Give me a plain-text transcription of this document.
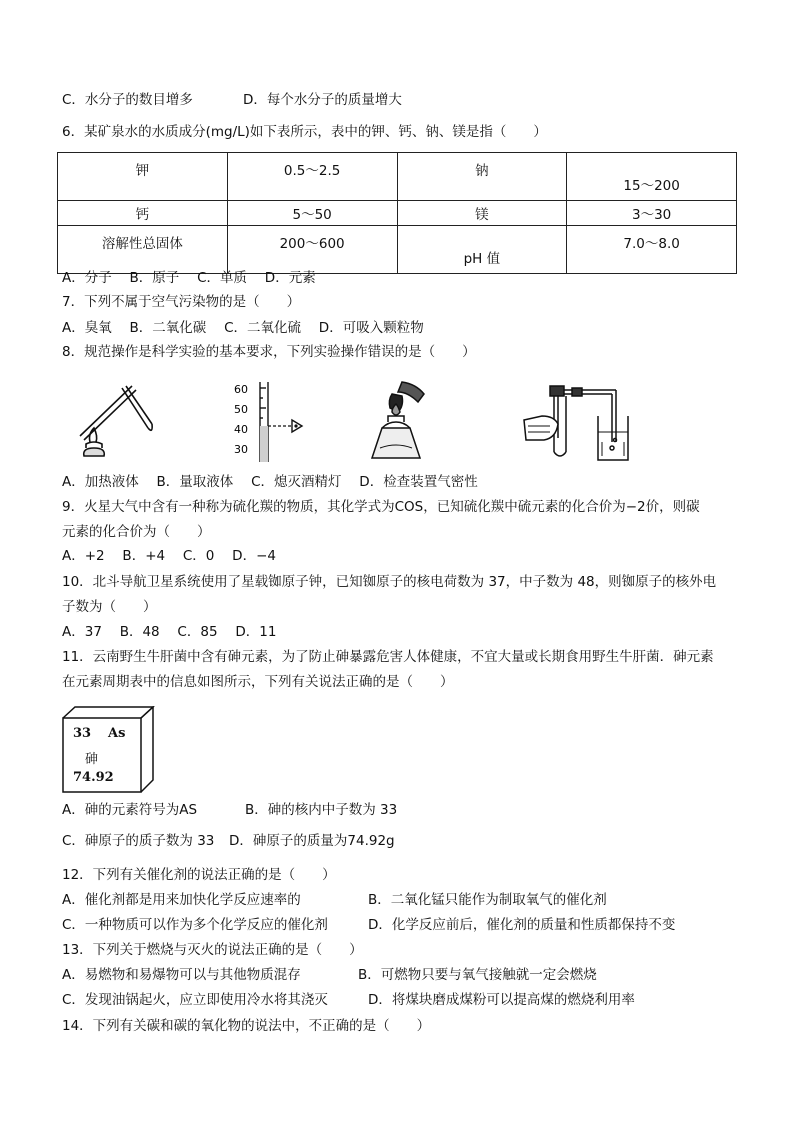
C．水分子的数目增多	D．每个水分子的质量增大
6．某矿泉水的水质成分(mg/L)如下表所示，表中的钾、钙、钠、镁是指（　　）
钾	0.5～2.5	钠	15～200
钙	5～50	镁	3～30
溶解性总固体	200～600	pH 值	7.0～8.0
A．分子　 B．原子　 C．单质　 D．元素
7．下列不属于空气污染物的是（　　）
A．臭氧　 B．二氧化碳　 C．二氧化硫　 D．可吸入颗粒物
8．规范操作是科学实验的基本要求，下列实验操作错误的是（　　）
60
50
40
30
A．加热液体　 B．量取液体　 C．熄灭酒精灯　 D．检查装置气密性
9．火星大气中含有一种称为硫化羰的物质，其化学式为COS，已知硫化羰中硫元素的化合价为−2价，则碳
元素的化合价为（　　）
A．+2　 B．+4　 C．0　 D．−4
10．北斗导航卫星系统使用了星载铷原子钟，已知铷原子的核电荷数为 37，中子数为 48，则铷原子的核外电
子数为（　　）
A．37　 B．48　 C．85　 D．11
11．云南野生牛肝菌中含有砷元素，为了防止砷暴露危害人体健康，不宜大量或长期食用野生牛肝菌．砷元素
在元素周期表中的信息如图所示，下列有关说法正确的是（　　）
33 As
砷
74.92
A．砷的元素符号为AS	B．砷的核内中子数为 33
C．砷原子的质子数为 33 D．砷原子的质量为74.92g
12．下列有关催化剂的说法正确的是（　　）
A．催化剂都是用来加快化学反应速率的	B．二氧化锰只能作为制取氧气的催化剂
C．一种物质可以作为多个化学反应的催化剂	D．化学反应前后，催化剂的质量和性质都保持不变
13．下列关于燃烧与灭火的说法正确的是（　　）
A．易燃物和易爆物可以与其他物质混存	B．可燃物只要与氧气接触就一定会燃烧
C．发现油锅起火，应立即使用冷水将其浇灭	D．将煤块磨成煤粉可以提高煤的燃烧利用率
14．下列有关碳和碳的氧化物的说法中，不正确的是（　　）
